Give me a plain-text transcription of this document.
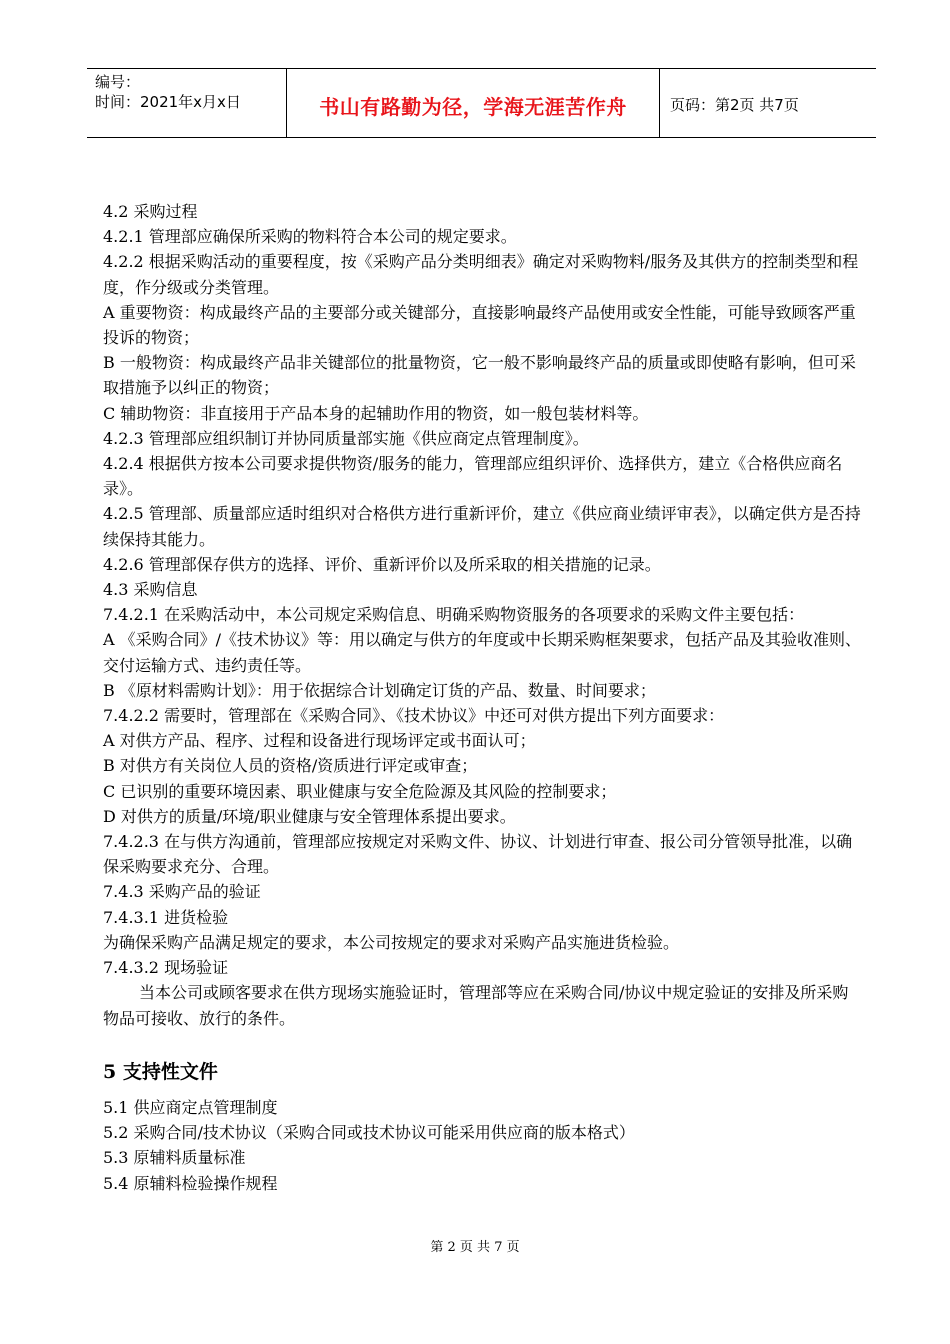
编号：
时间：2021年x月x日	书山有路勤为径，学海无涯苦作舟	页码：第2页 共7页

4.2 采购过程

4.2.1 管理部应确保所采购的物料符合本公司的规定要求。

4.2.2 根据采购活动的重要程度，按《采购产品分类明细表》确定对采购物料/服务及其供方的控制类型和程度，作分级或分类管理。

A 重要物资：构成最终产品的主要部分或关键部分，直接影响最终产品使用或安全性能，可能导致顾客严重投诉的物资；

B 一般物资：构成最终产品非关键部位的批量物资，它一般不影响最终产品的质量或即使略有影响，但可采取措施予以纠正的物资；

C 辅助物资：非直接用于产品本身的起辅助作用的物资，如一般包装材料等。

4.2.3 管理部应组织制订并协同质量部实施《供应商定点管理制度》。

4.2.4 根据供方按本公司要求提供物资/服务的能力，管理部应组织评价、选择供方，建立《合格供应商名录》。

4.2.5 管理部、质量部应适时组织对合格供方进行重新评价，建立《供应商业绩评审表》，以确定供方是否持续保持其能力。

4.2.6 管理部保存供方的选择、评价、重新评价以及所采取的相关措施的记录。

4.3 采购信息

7.4.2.1 在采购活动中，本公司规定采购信息、明确采购物资服务的各项要求的采购文件主要包括：

A 《采购合同》/《技术协议》等：用以确定与供方的年度或中长期采购框架要求，包括产品及其验收准则、交付运输方式、违约责任等。

B 《原材料需购计划》：用于依据综合计划确定订货的产品、数量、时间要求；

7.4.2.2 需要时，管理部在《采购合同》、《技术协议》中还可对供方提出下列方面要求：

A 对供方产品、程序、过程和设备进行现场评定或书面认可；

B 对供方有关岗位人员的资格/资质进行评定或审查；

C 已识别的重要环境因素、职业健康与安全危险源及其风险的控制要求；

D 对供方的质量/环境/职业健康与安全管理体系提出要求。

7.4.2.3 在与供方沟通前，管理部应按规定对采购文件、协议、计划进行审查、报公司分管领导批准，以确保采购要求充分、合理。

7.4.3 采购产品的验证

7.4.3.1 进货检验

为确保采购产品满足规定的要求，本公司按规定的要求对采购产品实施进货检验。

7.4.3.2 现场验证

当本公司或顾客要求在供方现场实施验证时，管理部等应在采购合同/协议中规定验证的安排及所采购物品可接收、放行的条件。

5 支持性文件

5.1 供应商定点管理制度

5.2 采购合同/技术协议（采购合同或技术协议可能采用供应商的版本格式）

5.3 原辅料质量标准

5.4 原辅料检验操作规程

第 2 页 共 7 页
